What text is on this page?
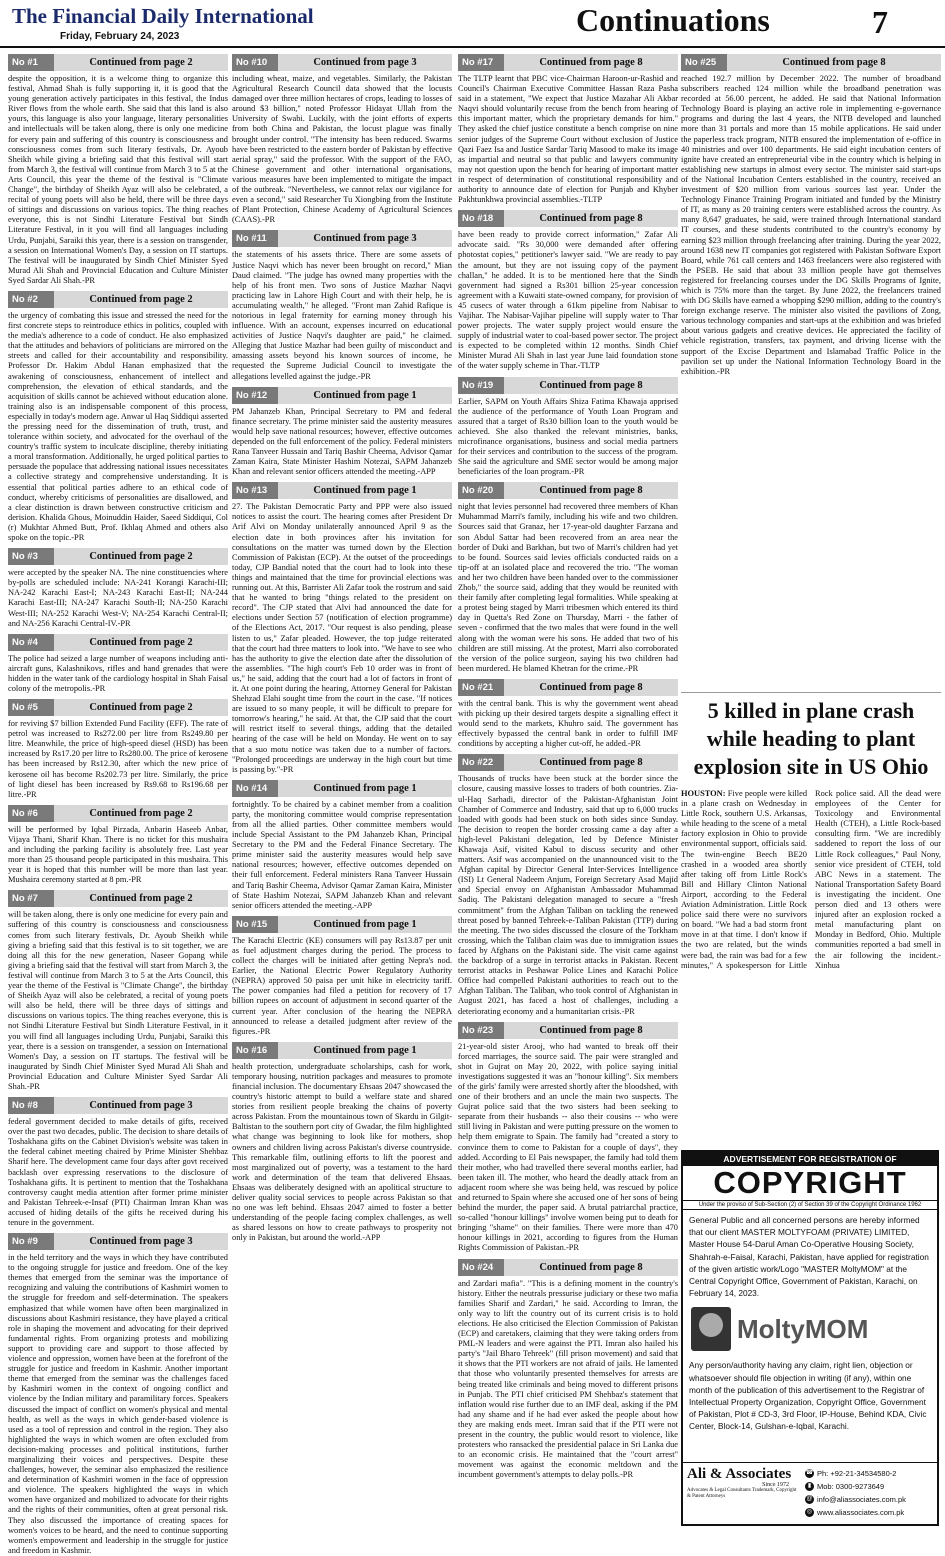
The Financial Daily International
Friday, February 24, 2023	Continuations	7
No #1	Continued from page 2
despite the opposition, it is a welcome thing to organize this festival, Ahmad Shah is fully supporting it, it is good that the young generation actively participates in this festival, the Indus River flows from the whole earth. She said that this land is also yours, this language is also your language, literary personalities and intellectuals will be taken along, there is only one medicine for every pain and suffering of this country is consciousness and consciousness comes from such literary festivals, Dr. Ayoub Sheikh while giving a briefing said that this festival will start from March 3, the festival will continue from March 3 to 5 at the Arts Council, this year the theme of the festival is "Climate Change", the birthday of Sheikh Ayaz will also be celebrated, a recital of young poets will also be held, there will be three days of sittings and discussions on various topics. The thing reaches everyone, this is not Sindhi Literature Festival but Sindh Literature Festival, in it you will find all languages including Urdu, Punjabi, Saraiki this year, there is a session on transgender, a session on International Women's Day, a session on IT startups. The festival will be inaugurated by Sindh Chief Minister Syed Murad Ali Shah and Provincial Education and Culture Minister Syed Sardar Ali Shah.-PR
No #2	Continued from page 2
the urgency of combating this issue and stressed the need for the first concrete steps to reintroduce ethics in politics, coupled with the media's adherence to a code of conduct. He also emphasized that the attitudes and behaviors of politicians are mirrored on the streets and called for their accountability and responsibility. Professor Dr. Hakim Abdul Hanan emphasized that the awakening of consciousness, enhancement of intellect and comprehension, the elevation of ethical standards, and the acquisition of skills cannot be achieved without education alone. training also is an indispensable component of this process, especially in today's modern age. Anwar ul Haq Siddiqui asserted the pressing need for the dissemination of truth, trust, and tolerance within society, and advocated for the overhaul of the country's traffic system to inculcate discipline, thereby initiating a moral transformation. Additionally, he urged political parties to persuade the populace that addressing national issues necessitates a collective strategy and comprehensive understanding. It is essential that political parties adhere to an ethical code of conduct, whereby criticisms of personalities are disallowed, and a clear distinction is drawn between constructive criticism and derision. Khalida Ghous, Moinuddin Haider, Saeed Siddiqui, Col (r) Mukhtar Ahmed Butt, Prof. Ikhlaq Ahmed and others also spoke on the topic.-PR
No #3	Continued from page 2
were accepted by the speaker NA. The nine constituencies where by-polls are scheduled include: NA-241 Korangi Karachi-III; NA-242 Karachi East-I; NA-243 Karachi East-II; NA-244 Karachi East-III; NA-247 Karachi South-II; NA-250 Karachi West-III; NA-252 Karachi West-V; NA-254 Karachi Central-II; and NA-256 Karachi Central-IV.-PR
No #4	Continued from page 2
The police had seized a large number of weapons including anti-aircraft guns, Kalashnikovs, rifles and hand grenades that were hidden in the water tank of the cardiology hospital in Shah Faisal colony of the metropolis.-PR
No #5	Continued from page 2
for reviving $7 billion Extended Fund Facility (EFF). The rate of petrol was increased to Rs272.00 per litre from Rs249.80 per litre. Meanwhile, the price of high-speed diesel (HSD) has been increased by Rs17.20 per litre to Rs280.00. The price of kerosene has been increased by Rs12.30, after which the new price of kerosene oil has become Rs202.73 per litre. Similarly, the price of light diesel has been increased by Rs9.68 to Rs196.68 per litre.-PR
No #6	Continued from page 2
will be performed by Iqbal Pirzada, Anbarin Haseeb Anbar, Vijaya Thani, Sharif Khan. There is no ticket for this mushaira and including the parking facility is absolutely free. Last year more than 25 thousand people participated in this mushaira. This year it is hoped that this number will be more than last year. Mushaira ceremony started at 8 pm.-PR
No #7	Continued from page 2
will be taken along, there is only one medicine for every pain and suffering of this country is consciousness and consciousness comes from such literary festivals, Dr. Ayoub Sheikh while giving a briefing said that this festival is to sit together, we are doing all this for the new generation, Naseer Gopang while giving a briefing said that the festival will start from March 3, the festival will continue from March 3 to 5 at the Arts Council, this year the theme of the Festival is "Climate Change", the birthday of Sheikh Ayaz will also be celebrated, a recital of young poets will also be held, there will be three days of sittings and discussions on various topics. The thing reaches everyone, this is not Sindhi Literature Festival but Sindh Literature Festival, in it you will find all languages including Urdu, Punjabi, Saraiki this year, there is a session on transgender, a session on International Women's Day, a session on IT startups. The festival will be inaugurated by Sindh Chief Minister Syed Murad Ali Shah and Provincial Education and Culture Minister Syed Sardar Ali Shah.-PR
No #8	Continued from page 3
federal government decided to make details of gifts, received over the past two decades, public. The decision to share details of Toshakhana gifts on the Cabinet Division's website was taken in the federal cabinet meeting chaired by Prime Minister Shehbaz Sharif here. The development came four days after govt received backlash over expressing reservations to the disclosure of Toshakhana gifts. It is pertinent to mention that the Toshakhana controversy caught media attention after former prime minister and Pakistan Tehreek-e-Insaf (PTI) Chairman Imran Khan was accused of hiding details of the gifts he received during his tenure in the government.
No #9	Continued from page 3
in the held territory and the ways in which they have contributed to the ongoing struggle for justice and freedom. One of the key themes that emerged from the seminar was the importance of recognizing and valuing the contributions of Kashmiri women to the struggle for freedom and self-determination. The speakers emphasized that while women have often been marginalized in discussions about Kashmiri resistance, they have played a critical role in shaping the movement and advocating for their deprived fundamental rights. From organizing protests and mobilizing support to providing care and support to those affected by violence and oppression, women have been at the forefront of the struggle for justice and freedom in Kashmir. Another important theme that emerged from the seminar was the challenges faced by Kashmiri women in the context of ongoing conflict and violence by the Indian military and paramilitary forces. Speakers discussed the impact of conflict on women's physical and mental health, as well as the ways in which gender-based violence is used as a tool of repression and control in the region. They also highlighted the ways in which women are often excluded from decision-making processes and political institutions, further marginalizing their voices and perspectives. Despite these challenges, however, the seminar also emphasized the resilience and determination of Kashmiri women in the face of oppression and violence. The speakers highlighted the ways in which women have organized and mobilized to advocate for their rights and the rights of their communities, often at great personal risk. They also discussed the importance of creating spaces for women's voices to be heard, and the need to continue supporting women's empowerment and leadership in the struggle for justice and freedom in Kashmir.
No #10	Continued from page 3
including wheat, maize, and vegetables. Similarly, the Pakistan Agricultural Research Council data showed that the locusts damaged over three million hectares of crops, leading to losses of around $3 billion," noted Professor Hidayat Ullah from the University of Swabi. Luckily, with the joint efforts of experts from both China and Pakistan, the locust plague was finally brought under control. "The intensity has been reduced. Swarms have been restricted to the eastern border of Pakistan by effective aerial spray," said the professor. With the support of the FAO, Chinese government and other international organisations, various measures have been implemented to mitigate the impact of the outbreak. "Nevertheless, we cannot relax our vigilance for even a second," said Researcher Tu Xiongbing from the Institute of Plant Protection, Chinese Academy of Agricultural Sciences (CAAS).-PR
No #11	Continued from page 3
the statements of his assets thrice. There are some assets of Justice Naqvi which has never been brought on record," Mian Daud claimed. "The judge has owned many properties with the help of his front men. Two sons of Justice Mazhar Naqvi practicing law in Lahore High Court and with their help, he is accumulating wealth," he alleged. "Front man Zahid Rafique is notorious in legal fraternity for earning money through his influence. With an account, expenses incurred on educational activities of Justice Naqvi's daughter are paid," he claimed. Alleging that Justice Mazhar had been guilty of misconduct and amassing assets beyond his known sources of income, he requested the Supreme Judicial Council to investigate the allegations levelled against the judge.-PR
No #12	Continued from page 1
PM Jahanzeb Khan, Principal Secretary to PM and federal finance secretary. The prime minister said the austerity measures would help save national resources; however, effective outcomes depended on the full enforcement of the policy. Federal ministers Rana Tanveer Hussain and Tariq Bashir Cheema, Advisor Qamar Zaman Kaira, State Minister Hashim Notezai, SAPM Jahanzeb Khan and relevant senior officers attended the meeting.-APP
No #13	Continued from page 1
27. The Pakistan Democratic Party and PPP were also issued notices to assist the court. The hearing comes after President Dr Arif Alvi on Monday unilaterally announced April 9 as the election date in both provinces after his invitation for consultations on the matter was turned down by the Election Commission of Pakistan (ECP). At the outset of the proceedings today, CJP Bandial noted that the court had to look into these things and maintained that the time for provincial elections was running out. At this, Barrister Ali Zafar took the rostrum and said that he wanted to bring "things related to the president on record". The CJP stated that Alvi had announced the date for elections under Section 57 (notification of election programme) of the Elections Act, 2017. "Our request is also pending, please listen to us," Zafar pleaded. However, the top judge reiterated that the court had three matters to look into. "We have to see who has the authority to give the election date after the dissolution of the assemblies. "The high court's Feb 10 order was in front of us," he said, adding that the court had a lot of factors in front of it. At one point during the hearing, Attorney General for Pakistan Shehzad Elahi sought time from the court in the case. "If notices are issued to so many people, it will be difficult to prepare for tomorrow's hearing," he said. At that, the CJP said that the court will restrict itself to several things, adding that the detailed hearing of the case will be held on Monday. He went on to say that a suo motu notice was taken due to a number of factors. "Prolonged proceedings are underway in the high court but time is passing by."-PR
No #14	Continued from page 1
fortnightly. To be chaired by a cabinet member from a coalition party, the monitoring committee would comprise representation from all the allied parties. Other committee members would include Special Assistant to the PM Jahanzeb Khan, Principal Secretary to the PM and the Federal Finance Secretary. The prime minister said the austerity measures would help save national resources; however, effective outcomes depended on their full enforcement. Federal ministers Rana Tanveer Hussain and Tariq Bashir Cheema, Advisor Qamar Zaman Kaira, Minister of State Hashim Notezai, SAPM Jahanzeb Khan and relevant senior officers attended the meeting.-APP
No #15	Continued from page 1
The Karachi Electric (KE) consumers will pay Rs13.87 per unit as fuel adjustment charges during the period. The process to collect the charges will be initiated after getting Nepra's nod. Earlier, the National Electric Power Regulatory Authority (NEPRA) approved 50 paisa per unit hike in electricity tariff. The power companies had filed a petition for recovery of 17 billion rupees on account of adjustment in second quarter of the current year. After conclusion of the hearing the NEPRA announced to release a detailed judgment after review of the figures.-PR
No #16	Continued from page 1
health protection, undergraduate scholarships, cash for work, temporary housing, nutrition packages and measures to promote financial inclusion. The documentary Ehsaas 2047 showcased the country's historic attempt to build a welfare state and shared stories from resilient people breaking the chains of poverty across Pakistan. From the mountainous town of Skardu in Gilgit-Baltistan to the southern port city of Gwadar, the film highlighted what change was beginning to look like for mothers, shop owners and children living across Pakistan's diverse countryside. This remarkable film, outlining efforts to lift the poorest and most marginalized out of poverty, was a testament to the hard work and determination of the team that delivered Ehsaas. Ehsaas was deliberately designed with an apolitical structure to deliver quality social services to people across Pakistan so that no one was left behind. Ehsaas 2047 aimed to foster a better understanding of the people facing complex challenges, as well as shared lessons on how to create pathways to prosperity not only in Pakistan, but around the world.-APP
No #17	Continued from page 8
The TLTP learnt that PBC vice-Chairman Haroon-ur-Rashid and Council's Chairman Executive Committee Hassan Raza Pasha said in a statement, "We expect that Justice Mazahar Ali Akbar Naqvi should voluntarily recuse from the bench from hearing of this important matter, which the proprietary demands for him." They asked the chief justice constitute a bench comprise on nine senior judges of the Supreme Court without exclusion of Justice Qazi Faez Isa and Justice Sardar Tariq Masood to make its image as impartial and neutral so that public and lawyers community may not question upon the bench for hearing of important matter in respect of determination of constitutional responsibility and authority to announce date of election for Punjab and Khyber Pakhtunkhwa provincial assemblies.-TLTP
No #18	Continued from page 8
have been ready to provide correct information," Zafar Ali advocate said. "Rs 30,000 were demanded after offering photostat copies," petitioner's lawyer said. "We are ready to pay the amount, but they are not issuing copy of the payment challan," he added. It is to be mentioned here that the Sindh government had signed a Rs301 billion 25-year concession agreement with a Kuwaiti state-owned company, for provision of 45 cusecs of water through a 61km pipeline from Nabisar to Vajihar. The Nabisar-Vajihar pipeline will supply water to Thar power projects. The water supply project would ensure the supply of industrial water to coal-based power sector. The project is expected to be completed within 12 months. Sindh Chief Minister Murad Ali Shah in last year June laid foundation stone of the water supply scheme in Thar.-TLTP
No #19	Continued from page 8
Earlier, SAPM on Youth Affairs Shiza Fatima Khawaja apprised the audience of the performance of Youth Loan Program and assured that a target of Rs30 billion loan to the youth would be achieved. She also thanked the relevant ministries, banks, microfinance organisations, business and social media partners for their services and contribution to the success of the program. She said the agriculture and SME sector would be among major beneficiaries of the loan program.-PR
No #20	Continued from page 8
night that levies personnel had recovered three members of Khan Muhammad Marri's family, including his wife and two children. Sources said that Granaz, her 17-year-old daughter Farzana and son Abdul Sattar had been recovered from an area near the border of Duki and Barkhan, but two of Marri's children had yet to be found. Sources said levies officials conducted raids on a tip-off at an isolated place and recovered the trio. "The woman and her two children have been handed over to the commissioner Zhob," the source said, adding that they would be reunited with their family after completing legal formalities. While speaking at a protest being staged by Marri tribesmen which entered its third day in Quetta's Red Zone on Thursday, Marri - the father of seven - confirmed that the two males that were found in the well along with the woman were his sons. He added that two of his children are still missing. At the protest, Marri also corroborated the version of the police surgeon, saying his two children had been murdered. He blamed Khetran for the crime.-PR
No #21	Continued from page 8
with the central bank. This is why the government went ahead with picking up their desired targets despite a signalling effect it would send to the markets, Khuhro said. The government has effectively bypassed the central bank in order to fulfill IMF conditions by accepting a higher cut-off, he added.-PR
No #22	Continued from page 8
Thousands of trucks have been stuck at the border since the closure, causing massive losses to traders of both countries. Zia-ul-Haq Sarhadi, director of the Pakistan-Afghanistan Joint Chamber of Commerce and Industry, said that up to 6,000 trucks loaded with goods had been stuck on both sides since Sunday. The decision to reopen the border crossing came a day after a high-level Pakistani delegation, led by Defence Minister Khawaja Asif, visited Kabul to discuss security and other matters. Asif was accompanied on the unannounced visit to the Afghan capital by Director General Inter-Services Intelligence (ISI) Lt General Nadeem Anjum, Foreign Secretary Asad Majid and Special envoy on Afghanistan Ambassador Muhammad Sadiq. The Pakistani delegation managed to secure a "fresh commitment" from the Afghan Taliban on tackling the renewed threat posed by banned Tehreek-e-Taliban Pakistan (TTP) during the meeting. The two sides discussed the closure of the Torkham crossing, which the Taliban claim was due to immigration issues faced by Afghans on the Pakistani side. The visit came against the backdrop of a surge in terrorist attacks in Pakistan. Recent terrorist attacks in Peshawar Police Lines and Karachi Police Office had compelled Pakistani authorities to reach out to the Afghan Taliban. The Taliban, who took control of Afghanistan in August 2021, has faced a host of challenges, including a deteriorating economy and a humanitarian crisis.-PR
No #23	Continued from page 8
21-year-old sister Arooj, who had wanted to break off their forced marriages, the source said. The pair were strangled and shot in Gujrat on May 20, 2022, with police saying initial investigations suggested it was an "honour killing". Six members of the girls' family were arrested shortly after the bloodshed, with one of their brothers and an uncle the main two suspects. The Gujrat police said that the two sisters had been seeking to separate from their husbands -- also their cousins -- who were still living in Pakistan and were putting pressure on the women to help them emigrate to Spain. The family had "created a story to convince them to come to Pakistan for a couple of days", they added. According to El Pais newspaper, the family had told them their mother, who had travelled there several months earlier, had been taken ill. The mother, who heard the deadly attack from an adjacent room where she was being held, was rescued by police and returned to Spain where she accused one of her sons of being behind the murder, the paper said. A brutal patriarchal practice, so-called "honour killings" involve women being put to death for bringing "shame" on their families. There were more than 470 honour killings in 2021, according to figures from the Human Rights Commission of Pakistan.-PR
No #24	Continued from page 8
and Zardari mafia". "This is a defining moment in the country's history. Either the neutrals pressurise judiciary or these two mafia families Sharif and Zardari," he said. According to Imran, the only way to lift the country out of its current crisis is to hold elections. He also criticised the Election Commission of Pakistan (ECP) and caretakers, claiming that they were taking orders from PML-N leaders and were against the PTI. Imran also hailed his party's "Jail Bharo Tehreek" (fill prison movement) and said that it shows that the PTI workers are not afraid of jails. He lamented that those who voluntarily presented themselves for arrests are being treated like criminals and being moved to different prisons in Punjab. The PTI chief criticised PM Shehbaz's statement that inflation would rise further due to an IMF deal, asking if the PM had any shame and if he had ever asked the people about how they are making ends meet. Imran said that if the PTI were not present in the country, the public would resort to violence, like protesters who ransacked the presidential palace in Sri Lanka due to an economic crisis. He maintained that the "court arrest" movement was against the economic meltdown and the incumbent government's attempts to delay polls.-PR
No #25	Continued from page 8
reached 192.7 million by December 2022. The number of broadband subscribers reached 124 million while the broadband penetration was recorded at 56.00 percent, he added. He said that National Information Technology Board is playing an active role in implementing e-governance programs and during the last 4 years, the NITB developed and launched more than 31 portals and more than 15 mobile applications. He said under the paperless track program, NITB ensured the implementation of e-office in 40 ministries and over 100 departments. He said eight incubation centers of ignite have created an entrepreneurial vibe in the country which is helping in establishing new startups in almost every sector. The minister said start-ups of the National Incubation Centers established in the country, received an investment of $20 million from various sources last year. Under the Technology Finance Training Program initiated and funded by the Ministry of IT, as many as 20 training centers were established across the country. As many 8,647 graduates, he said, were trained through International standard IT courses, and these students contributed to the country's economy by earning $23 million through freelancing after training. During the year 2022, around 1638 new IT companies got registered with Pakistan Software Export Board, while 761 call centers and 1463 freelancers were also registered with the PSEB. He said that about 33 million people have got themselves registered for freelancing courses under the DG Skills Programs of Ignite, which is 75% more than the target. By June 2022, the freelancers trained with DG Skills have earned a whopping $290 million, adding to the country's foreign exchange reserve. The minister also visited the pavilions of Zong, various technology companies and start-ups at the exhibition and was briefed about various gadgets and creative devices. He appreciated the facility of vehicle registration, transfers, tax payment, and driving license with the support of the Excise Department and Islamabad Traffic Police in the pavilion set up under the National Information Technology Board in the exhibition.-PR
5 killed in plane crash while heading to plant explosion site in US Ohio
HOUSTON: Five people were killed in a plane crash on Wednesday in Little Rock, southern U.S. Arkansas, while heading to the scene of a metal factory explosion in Ohio to provide environmental support, officials said. The twin-engine Beech BE20 crashed in a wooded area shortly after taking off from Little Rock's Bill and Hillary Clinton National Airport, according to the Federal Aviation Administration. Little Rock police said there were no survivors on board. "We had a bad storm front move in at that time. I don't know if the two are related, but the winds were bad, the rain was bad for a few minutes," A spokesperson for Little Rock police said. All the dead were employees of the Center for Toxicology and Environmental Health (CTEH), a Little Rock-based consulting firm. "We are incredibly saddened to report the loss of our Little Rock colleagues," Paul Nony, senior vice president of CTEH, told ABC News in a statement. The National Transportation Safety Board is investigating the incident. One person died and 13 others were injured after an explosion rocked a metal manufacturing plant on Monday in Bedford, Ohio. Multiple communities reported a bad smell in the air following the incident.-Xinhua
ADVERTISEMENT FOR REGISTRATION OF
COPYRIGHT
Under the proviso of Sub-Section (2) of Section 39 of the Copyright Ordinance 1962
General Public and all concerned persons are hereby informed that our client MASTER MOLTYFOAM (PRIVATE) LIMITED, Master House 54-Darul Aman Co-Operative Housing Society, Shahrah-e-Faisal, Karachi, Pakistan, have applied for registration of the given artistic work/Logo "MASTER MoltyMOM" at the Central Copyright Office, Government of Pakistan, Karachi, on February 14, 2023.
MoltyMOM
Any person/authority having any claim, right lien, objection or whatsoever should file objection in writing (if any), within one month of the publication of this advertisement to the Registrar of Intellectual Property Organization, Copyright Office, Government of Pakistan, Plot # CD-3, 3rd Floor, IP-House, Behind KDA, Civic Center, Block-14, Gulshan-e-Iqbal, Karachi.
Ali & Associates
Since 1972
Advocates & Legal Consultants Trademark, Copyright & Patent Attorneys
☎ Ph: +92-21-34534580-2
▮ Mob: 0300-9273649
@ info@aliassociates.com.pk
◎ www.aliassociates.com.pk
